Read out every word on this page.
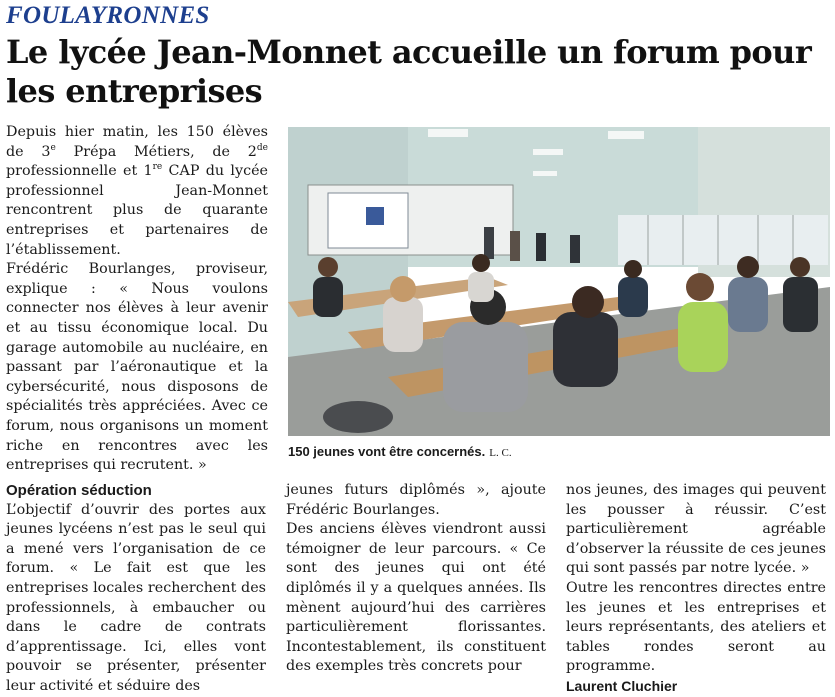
FOULAYRONNES
Le lycée Jean-Monnet accueille un forum pour les entreprises

Depuis hier matin, les 150 élèves de 3e Prépa Métiers, de 2de professionnelle et 1re CAP du lycée professionnel Jean-Monnet rencontrent plus de quarante entreprises et partenaires de l’établissement.

Frédéric Bourlanges, proviseur, explique : « Nous voulons connecter nos élèves à leur avenir et au tissu économique local. Du garage automobile au nucléaire, en passant par l’aéronautique et la cybersécurité, nous disposons de spécialités très appréciées. Avec ce forum, nous organisons un moment riche en rencontres avec les entreprises qui recrutent. »

150 jeunes vont être concernés. L. C.

Opération séduction

L’objectif d’ouvrir des portes aux jeunes lycéens n’est pas le seul qui a mené vers l’organisation de ce forum. « Le fait est que les entreprises locales recherchent des professionnels, à embaucher ou dans le cadre de contrats d’apprentissage. Ici, elles vont pouvoir se présenter, présenter leur activité et séduire des

jeunes futurs diplômés », ajoute Frédéric Bourlanges.

Des anciens élèves viendront aussi témoigner de leur parcours. « Ce sont des jeunes qui ont été diplômés il y a quelques années. Ils mènent aujourd’hui des carrières particulièrement florissantes. Incontestablement, ils constituent des exemples très concrets pour

nos jeunes, des images qui peuvent les pousser à réussir. C’est particulièrement agréable d’observer la réussite de ces jeunes qui sont passés par notre lycée. »

Outre les rencontres directes entre les jeunes et les entreprises et leurs représentants, des ateliers et tables rondes seront au programme.

Laurent Cluchier
